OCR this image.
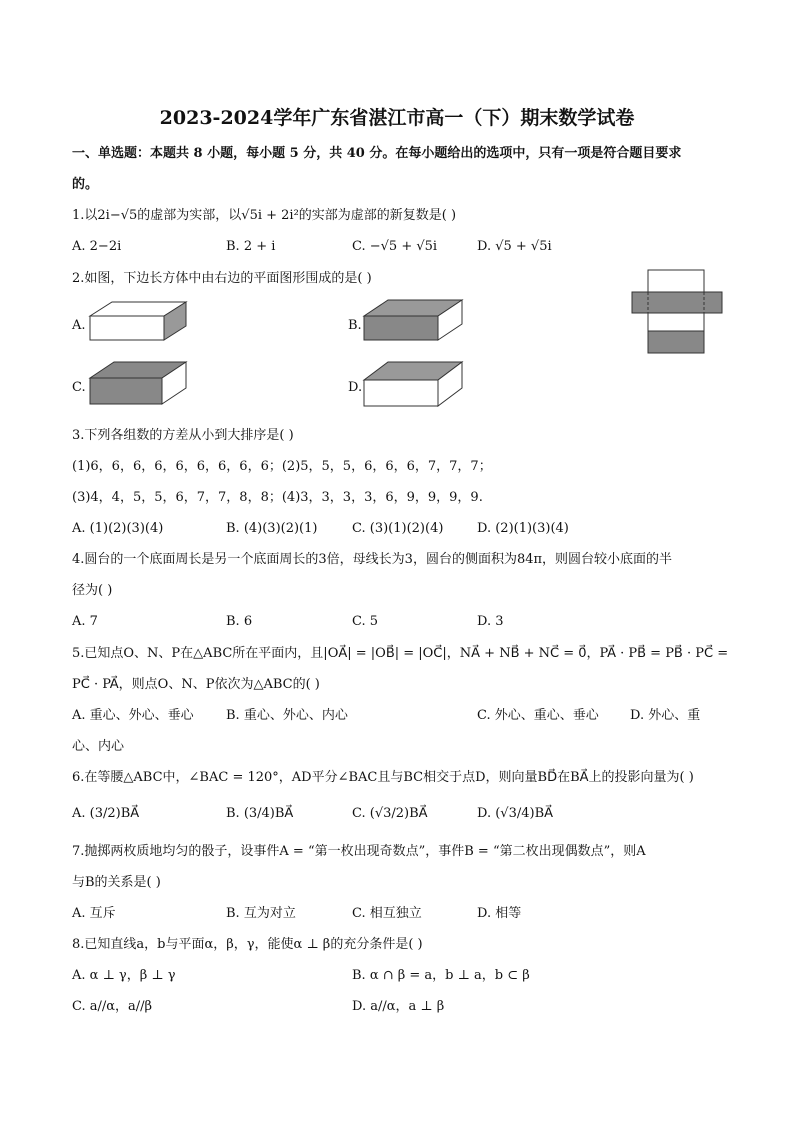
2023-2024学年广东省湛江市高一（下）期末数学试卷
一、单选题：本题共 8 小题，每小题 5 分，共 40 分。在每小题给出的选项中，只有一项是符合题目要求
的。
1.以2i−√5的虚部为实部，以√5i + 2i²的实部为虚部的新复数是( )
A. 2−2i	B. 2 + i	C. −√5 + √5i	D. √5 + √5i
2.如图，下边长方体中由右边的平面图形围成的是( )
A.	B.
C.	D.
3.下列各组数的方差从小到大排序是( )
(1)6，6，6，6，6，6，6，6，6；(2)5，5，5，6，6，6，7，7，7；
(3)4，4，5，5，6，7，7，8，8；(4)3，3，3，3，6，9，9，9，9.
A. (1)(2)(3)(4)	B. (4)(3)(2)(1)	C. (3)(1)(2)(4)	D. (2)(1)(3)(4)
4.圆台的一个底面周长是另一个底面周长的3倍，母线长为3，圆台的侧面积为84π，则圆台较小底面的半
径为( )
A. 7	B. 6	C. 5	D. 3
5.已知点O、N、P在△ABC所在平面内，且|OA⃗| = |OB⃗| = |OC⃗|，NA⃗ + NB⃗ + NC⃗ = 0⃗，PA⃗ · PB⃗ = PB⃗ · PC⃗ =
PC⃗ · PA⃗，则点O、N、P依次为△ABC的( )
A. 重心、外心、垂心 B. 重心、外心、内心	C. 外心、重心、垂心 D. 外心、重
心、内心
6.在等腰△ABC中，∠BAC = 120°，AD平分∠BAC且与BC相交于点D，则向量BD⃗在BA⃗上的投影向量为( )
A. (3/2)BA⃗	B. (3/4)BA⃗	C. (√3/2)BA⃗	D. (√3/4)BA⃗
7.抛掷两枚质地均匀的骰子，设事件A = “第一枚出现奇数点”，事件B = “第二枚出现偶数点”，则A
与B的关系是( )
A. 互斥	B. 互为对立	C. 相互独立	D. 相等
8.已知直线a，b与平面α，β，γ，能使α ⊥ β的充分条件是( )
A. α ⊥ γ，β ⊥ γ	B. α ∩ β = a，b ⊥ a，b ⊂ β
C. a//α，a//β	D. a//α，a ⊥ β
